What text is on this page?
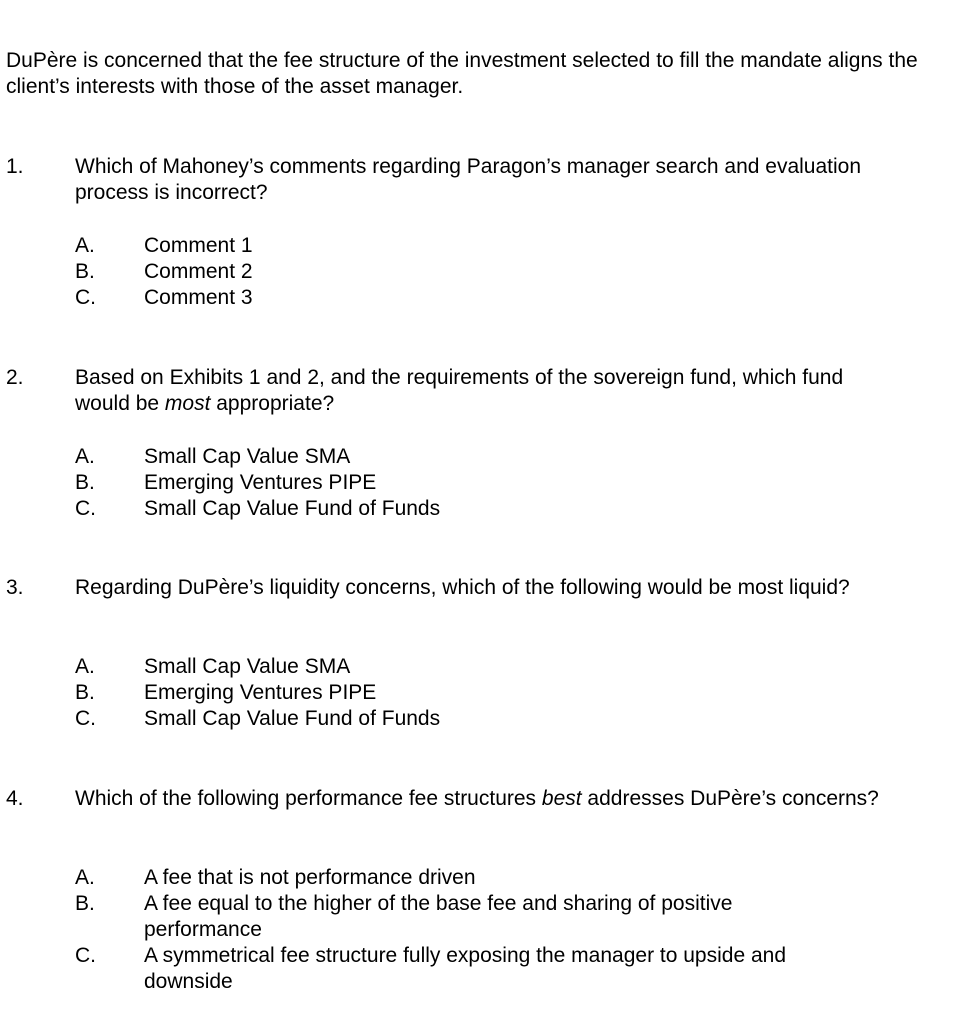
DuPère is concerned that the fee structure of the investment selected to fill the mandate aligns the client’s interests with those of the asset manager.

1. Which of Mahoney’s comments regarding Paragon’s manager search and evaluation process is incorrect?

A. Comment 1
B. Comment 2
C. Comment 3
2. Based on Exhibits 1 and 2, and the requirements of the sovereign fund, which fund would be most appropriate?

A. Small Cap Value SMA
B. Emerging Ventures PIPE
C. Small Cap Value Fund of Funds
3. Regarding DuPère’s liquidity concerns, which of the following would be most liquid?

A. Small Cap Value SMA
B. Emerging Ventures PIPE
C. Small Cap Value Fund of Funds
4. Which of the following performance fee structures best addresses DuPère’s concerns?

A. A fee that is not performance driven
B. A fee equal to the higher of the base fee and sharing of positive performance
C. A symmetrical fee structure fully exposing the manager to upside and downside
